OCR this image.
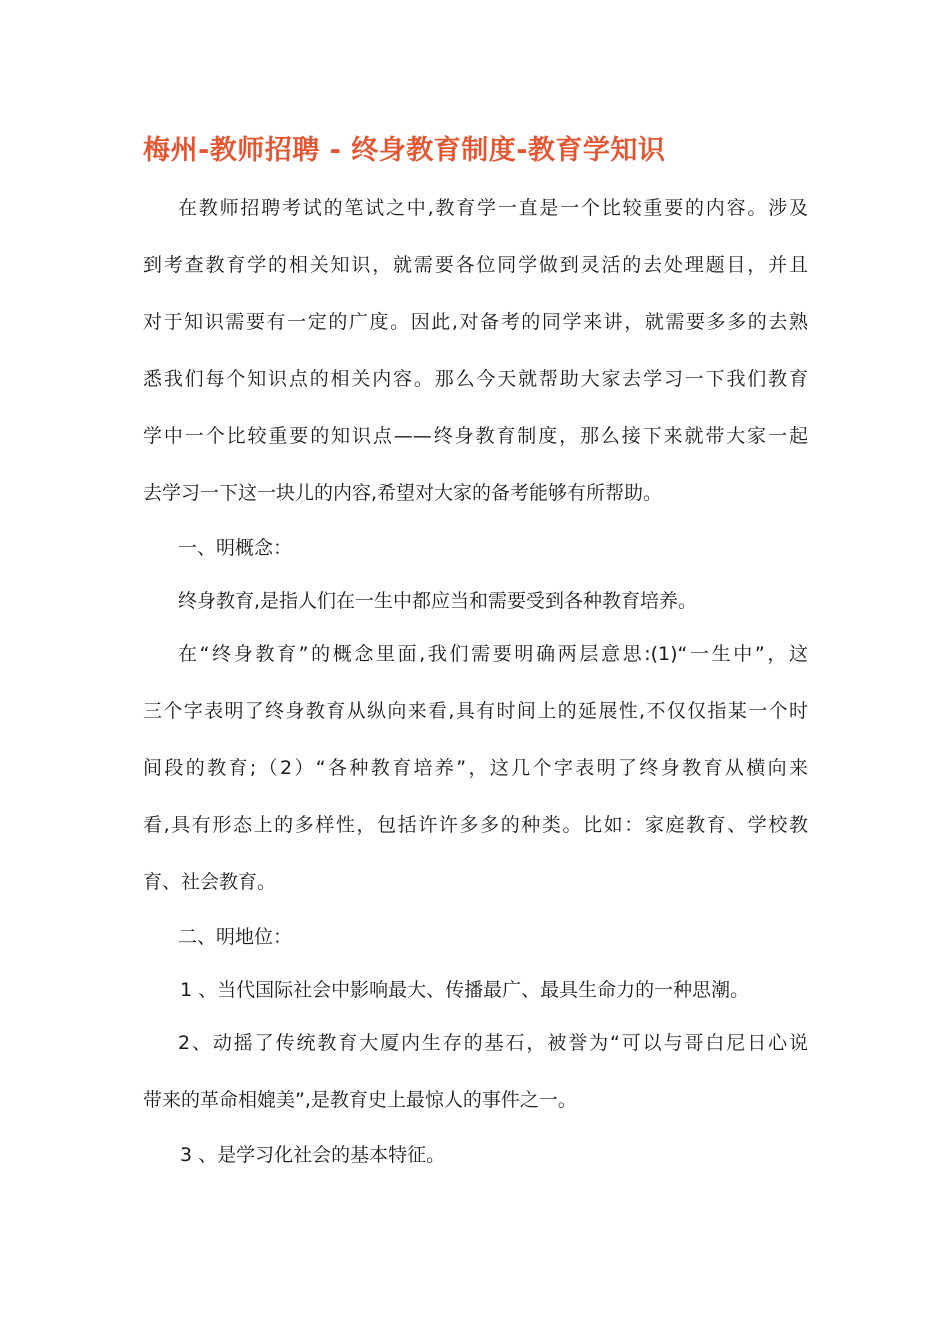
梅州-教师招聘 - 终身教育制度-教育学知识
在教师招聘考试的笔试之中,教育学一直是一个比较重要的内容。涉及
到考查教育学的相关知识，就需要各位同学做到灵活的去处理题目，并且
对于知识需要有一定的广度。因此,对备考的同学来讲，就需要多多的去熟
悉我们每个知识点的相关内容。那么今天就帮助大家去学习一下我们教育
学中一个比较重要的知识点——终身教育制度，那么接下来就带大家一起
去学习一下这一块儿的内容,希望对大家的备考能够有所帮助。
一、明概念：
终身教育,是指人们在一生中都应当和需要受到各种教育培养。
在“终身教育”的概念里面,我们需要明确两层意思:(1)“一生中”，这
三个字表明了终身教育从纵向来看,具有时间上的延展性,不仅仅指某一个时
间段的教育;（2）“各种教育培养”，这几个字表明了终身教育从横向来
看,具有形态上的多样性，包括许许多多的种类。比如：家庭教育、学校教
育、社会教育。
二、明地位：
1 、当代国际社会中影响最大、传播最广、最具生命力的一种思潮。
2、动摇了传统教育大厦内生存的基石，被誉为“可以与哥白尼日心说
带来的革命相媲美”,是教育史上最惊人的事件之一。
3 、是学习化社会的基本特征。
